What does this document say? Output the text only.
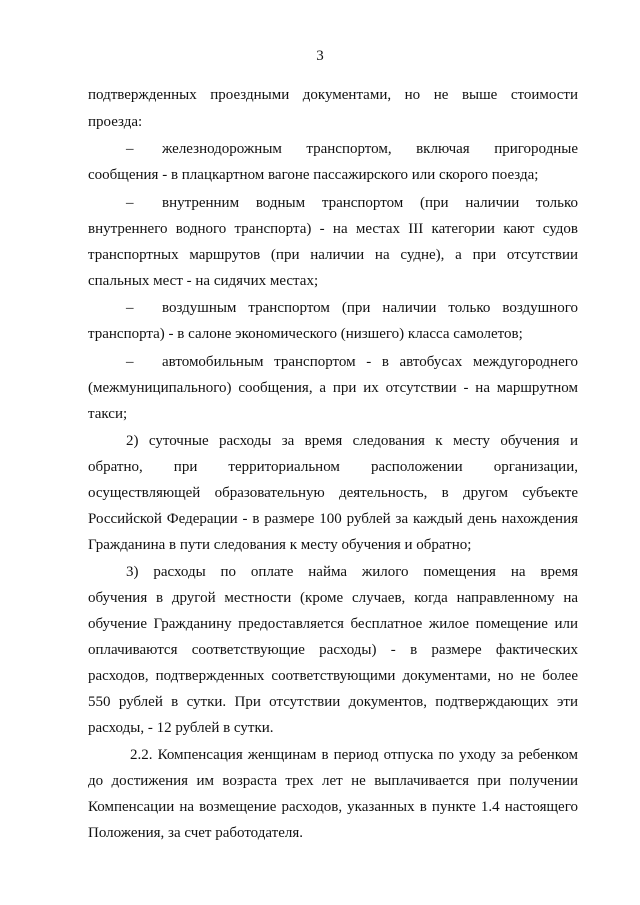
3
подтвержденных проездными документами, но не выше стоимости
проезда:
–	железнодорожным транспортом, включая пригородные
сообщения - в плацкартном вагоне пассажирского или скорого поезда;
–	внутренним водным транспортом (при наличии только
внутреннего водного транспорта) - на местах III категории кают судов
транспортных маршрутов (при наличии на судне), а при отсутствии
спальных мест - на сидячих местах;
–	воздушным транспортом (при наличии только воздушного
транспорта) - в салоне экономического (низшего) класса самолетов;
–	автомобильным транспортом - в автобусах междугороднего
(межмуниципального) сообщения, а при их отсутствии - на маршрутном
такси;
2) суточные расходы за время следования к месту обучения и
обратно, при территориальном расположении организации,
осуществляющей образовательную деятельность, в другом субъекте
Российской Федерации - в размере 100 рублей за каждый день нахождения
Гражданина в пути следования к месту обучения и обратно;
3) расходы по оплате найма жилого помещения на время
обучения в другой местности (кроме случаев, когда направленному на
обучение Гражданину предоставляется бесплатное жилое помещение или
оплачиваются соответствующие расходы) - в размере фактических
расходов, подтвержденных соответствующими документами, но не более
550 рублей в сутки. При отсутствии документов, подтверждающих эти
расходы, - 12 рублей в сутки.
2.2. Компенсация женщинам в период отпуска по уходу за ребенком
до достижения им возраста трех лет не выплачивается при получении
Компенсации на возмещение расходов, указанных в пункте 1.4 настоящего
Положения, за счет работодателя.
